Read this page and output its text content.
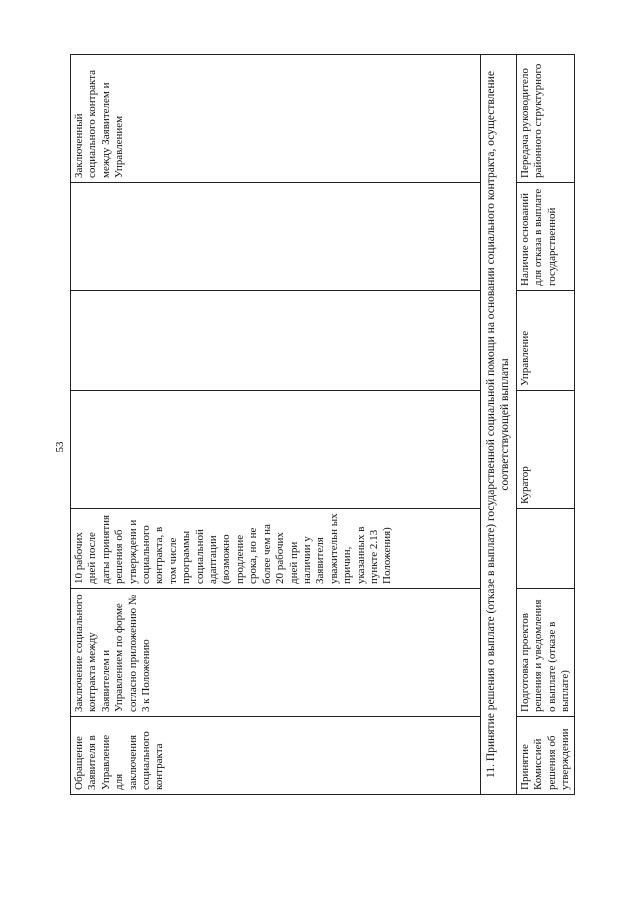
53
Обращение Заявителя в Управление для заключения социального контракта	Заключение социального контракта между Заявителем и Управлением по форме согласно приложению № 3 к Положению	10 рабочих дней после даты принятия решения об утверждени и социального контракта, в том числе программы социальной адаптации (возможно продление срока, но не более чем на 20 рабочих дней при наличии у Заявителя уважительн ых причин, указанных в пункте 2.13 Положения)				Заключенный социального контракта между Заявителем и Управлением
11. Принятие решения о выплате (отказе в выплате) государственной социальной помощи на основании социального контракта, осуществление соответствующей выплаты						
Принятие Комиссией решения об утверждении	Подготовка проектов решения и уведомления о выплате (отказе в выплате)		Куратор	Управление	Наличие оснований для отказа в выплате государственной	Передача руководитело районного структурного
